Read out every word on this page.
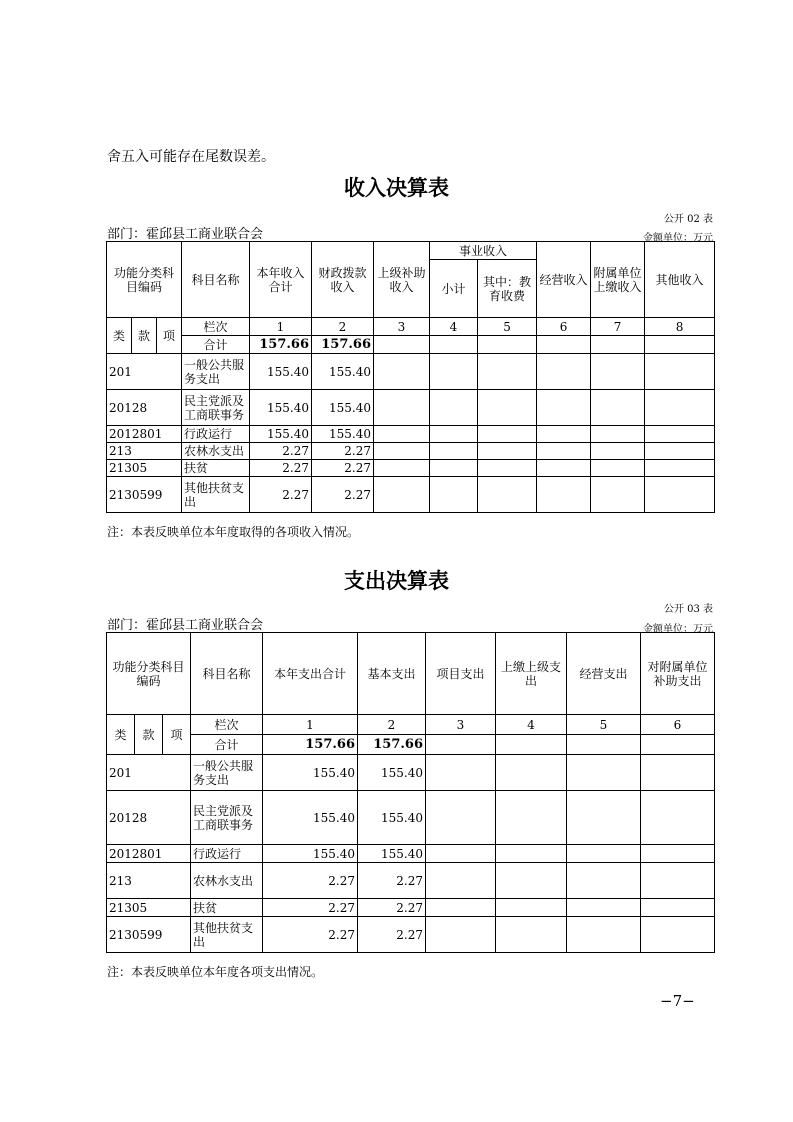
舍五入可能存在尾数误差。
收入决算表
公开 02 表
部门：霍邱县工商业联合会	金额单位：万元
功能分类科目编码			科目名称	本年收入合计	财政拨款收入	上级补助收入	事业收入		经营收入	附属单位上缴收入	其他收入
							小计	其中：教育收费			
类	款	项	栏次	1	2	3	4	5	6	7	8
			合计	157.66	157.66						
201			一般公共服务支出	155.40	155.40						
20128			民主党派及工商联事务	155.40	155.40						
2012801			行政运行	155.40	155.40						
213			农林水支出	2.27	2.27						
21305			扶贫	2.27	2.27						
2130599			其他扶贫支出	2.27	2.27						
注：本表反映单位本年度取得的各项收入情况。
支出决算表
公开 03 表
部门：霍邱县工商业联合会	金额单位：万元
功能分类科目编码			科目名称	本年支出合计	基本支出	项目支出	上缴上级支出	经营支出	对附属单位补助支出
类	款	项	栏次	1	2	3	4	5	6
			合计	157.66	157.66				
201			一般公共服务支出	155.40	155.40				
20128			民主党派及工商联事务	155.40	155.40				
2012801			行政运行	155.40	155.40				
213			农林水支出	2.27	2.27				
21305			扶贫	2.27	2.27				
2130599			其他扶贫支出	2.27	2.27				
注：本表反映单位本年度各项支出情况。
−7−
